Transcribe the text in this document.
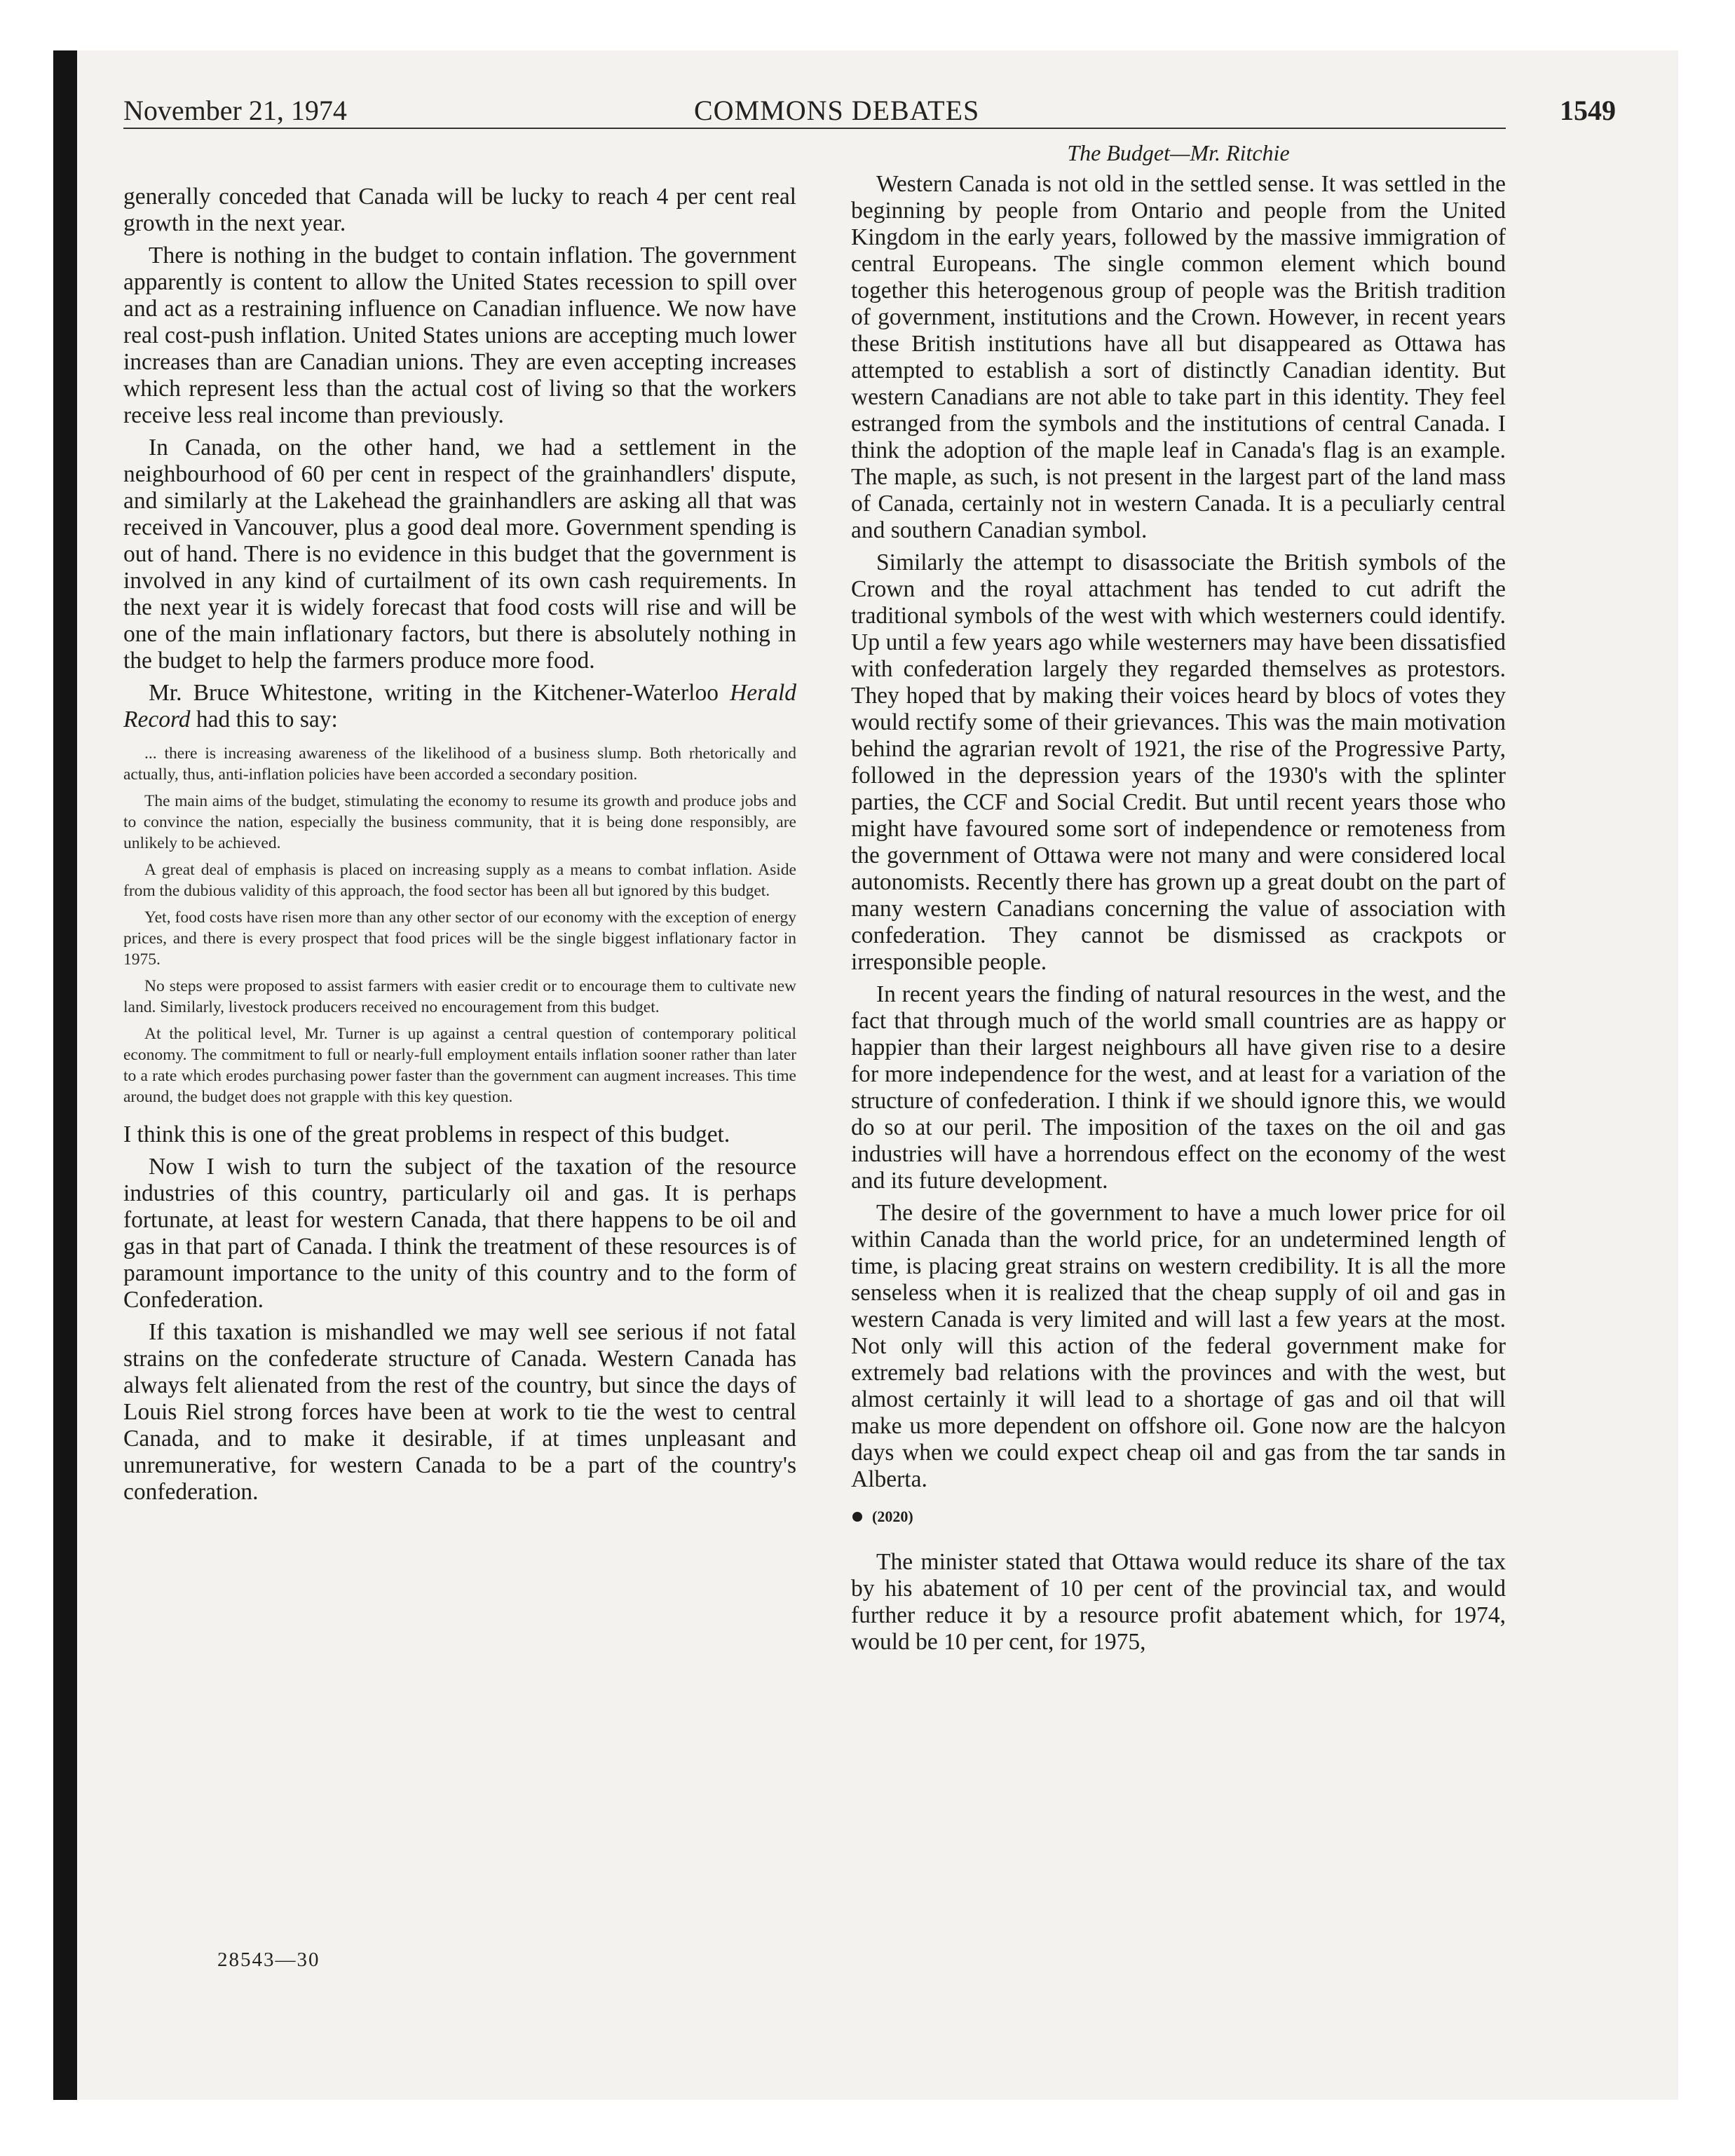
November 21, 1974	COMMONS DEBATES	1549

generally conceded that Canada will be lucky to reach 4 per cent real growth in the next year.

There is nothing in the budget to contain inflation. The government apparently is content to allow the United States recession to spill over and act as a restraining influence on Canadian influence. We now have real cost-push inflation. United States unions are accepting much lower increases than are Canadian unions. They are even accepting increases which represent less than the actual cost of living so that the workers receive less real income than previously.

In Canada, on the other hand, we had a settlement in the neighbourhood of 60 per cent in respect of the grainhandlers' dispute, and similarly at the Lakehead the grainhandlers are asking all that was received in Vancouver, plus a good deal more. Government spending is out of hand. There is no evidence in this budget that the government is involved in any kind of curtailment of its own cash requirements. In the next year it is widely forecast that food costs will rise and will be one of the main inflationary factors, but there is absolutely nothing in the budget to help the farmers produce more food.

Mr. Bruce Whitestone, writing in the Kitchener-Waterloo Herald Record had this to say:

... there is increasing awareness of the likelihood of a business slump. Both rhetorically and actually, thus, anti-inflation policies have been accorded a secondary position.

The main aims of the budget, stimulating the economy to resume its growth and produce jobs and to convince the nation, especially the business community, that it is being done responsibly, are unlikely to be achieved.

A great deal of emphasis is placed on increasing supply as a means to combat inflation. Aside from the dubious validity of this approach, the food sector has been all but ignored by this budget.

Yet, food costs have risen more than any other sector of our economy with the exception of energy prices, and there is every prospect that food prices will be the single biggest inflationary factor in 1975.

No steps were proposed to assist farmers with easier credit or to encourage them to cultivate new land. Similarly, livestock producers received no encouragement from this budget.

At the political level, Mr. Turner is up against a central question of contemporary political economy. The commitment to full or nearly-full employment entails inflation sooner rather than later to a rate which erodes purchasing power faster than the government can augment increases. This time around, the budget does not grapple with this key question.

I think this is one of the great problems in respect of this budget.

Now I wish to turn the subject of the taxation of the resource industries of this country, particularly oil and gas. It is perhaps fortunate, at least for western Canada, that there happens to be oil and gas in that part of Canada. I think the treatment of these resources is of paramount importance to the unity of this country and to the form of Confederation.

If this taxation is mishandled we may well see serious if not fatal strains on the confederate structure of Canada. Western Canada has always felt alienated from the rest of the country, but since the days of Louis Riel strong forces have been at work to tie the west to central Canada, and to make it desirable, if at times unpleasant and unremunerative, for western Canada to be a part of the country's confederation.

The Budget—Mr. Ritchie

Western Canada is not old in the settled sense. It was settled in the beginning by people from Ontario and people from the United Kingdom in the early years, followed by the massive immigration of central Europeans. The single common element which bound together this heterogenous group of people was the British tradition of government, institutions and the Crown. However, in recent years these British institutions have all but disappeared as Ottawa has attempted to establish a sort of distinctly Canadian identity. But western Canadians are not able to take part in this identity. They feel estranged from the symbols and the institutions of central Canada. I think the adoption of the maple leaf in Canada's flag is an example. The maple, as such, is not present in the largest part of the land mass of Canada, certainly not in western Canada. It is a peculiarly central and southern Canadian symbol.

Similarly the attempt to disassociate the British symbols of the Crown and the royal attachment has tended to cut adrift the traditional symbols of the west with which westerners could identify. Up until a few years ago while westerners may have been dissatisfied with confederation largely they regarded themselves as protestors. They hoped that by making their voices heard by blocs of votes they would rectify some of their grievances. This was the main motivation behind the agrarian revolt of 1921, the rise of the Progressive Party, followed in the depression years of the 1930's with the splinter parties, the CCF and Social Credit. But until recent years those who might have favoured some sort of independence or remoteness from the government of Ottawa were not many and were considered local autonomists. Recently there has grown up a great doubt on the part of many western Canadians concerning the value of association with confederation. They cannot be dismissed as crackpots or irresponsible people.

In recent years the finding of natural resources in the west, and the fact that through much of the world small countries are as happy or happier than their largest neighbours all have given rise to a desire for more independence for the west, and at least for a variation of the structure of confederation. I think if we should ignore this, we would do so at our peril. The imposition of the taxes on the oil and gas industries will have a horrendous effect on the economy of the west and its future development.

The desire of the government to have a much lower price for oil within Canada than the world price, for an undetermined length of time, is placing great strains on western credibility. It is all the more senseless when it is realized that the cheap supply of oil and gas in western Canada is very limited and will last a few years at the most. Not only will this action of the federal government make for extremely bad relations with the provinces and with the west, but almost certainly it will lead to a shortage of gas and oil that will make us more dependent on offshore oil. Gone now are the halcyon days when we could expect cheap oil and gas from the tar sands in Alberta.

(2020)

The minister stated that Ottawa would reduce its share of the tax by his abatement of 10 per cent of the provincial tax, and would further reduce it by a resource profit abatement which, for 1974, would be 10 per cent, for 1975,

28543—30
